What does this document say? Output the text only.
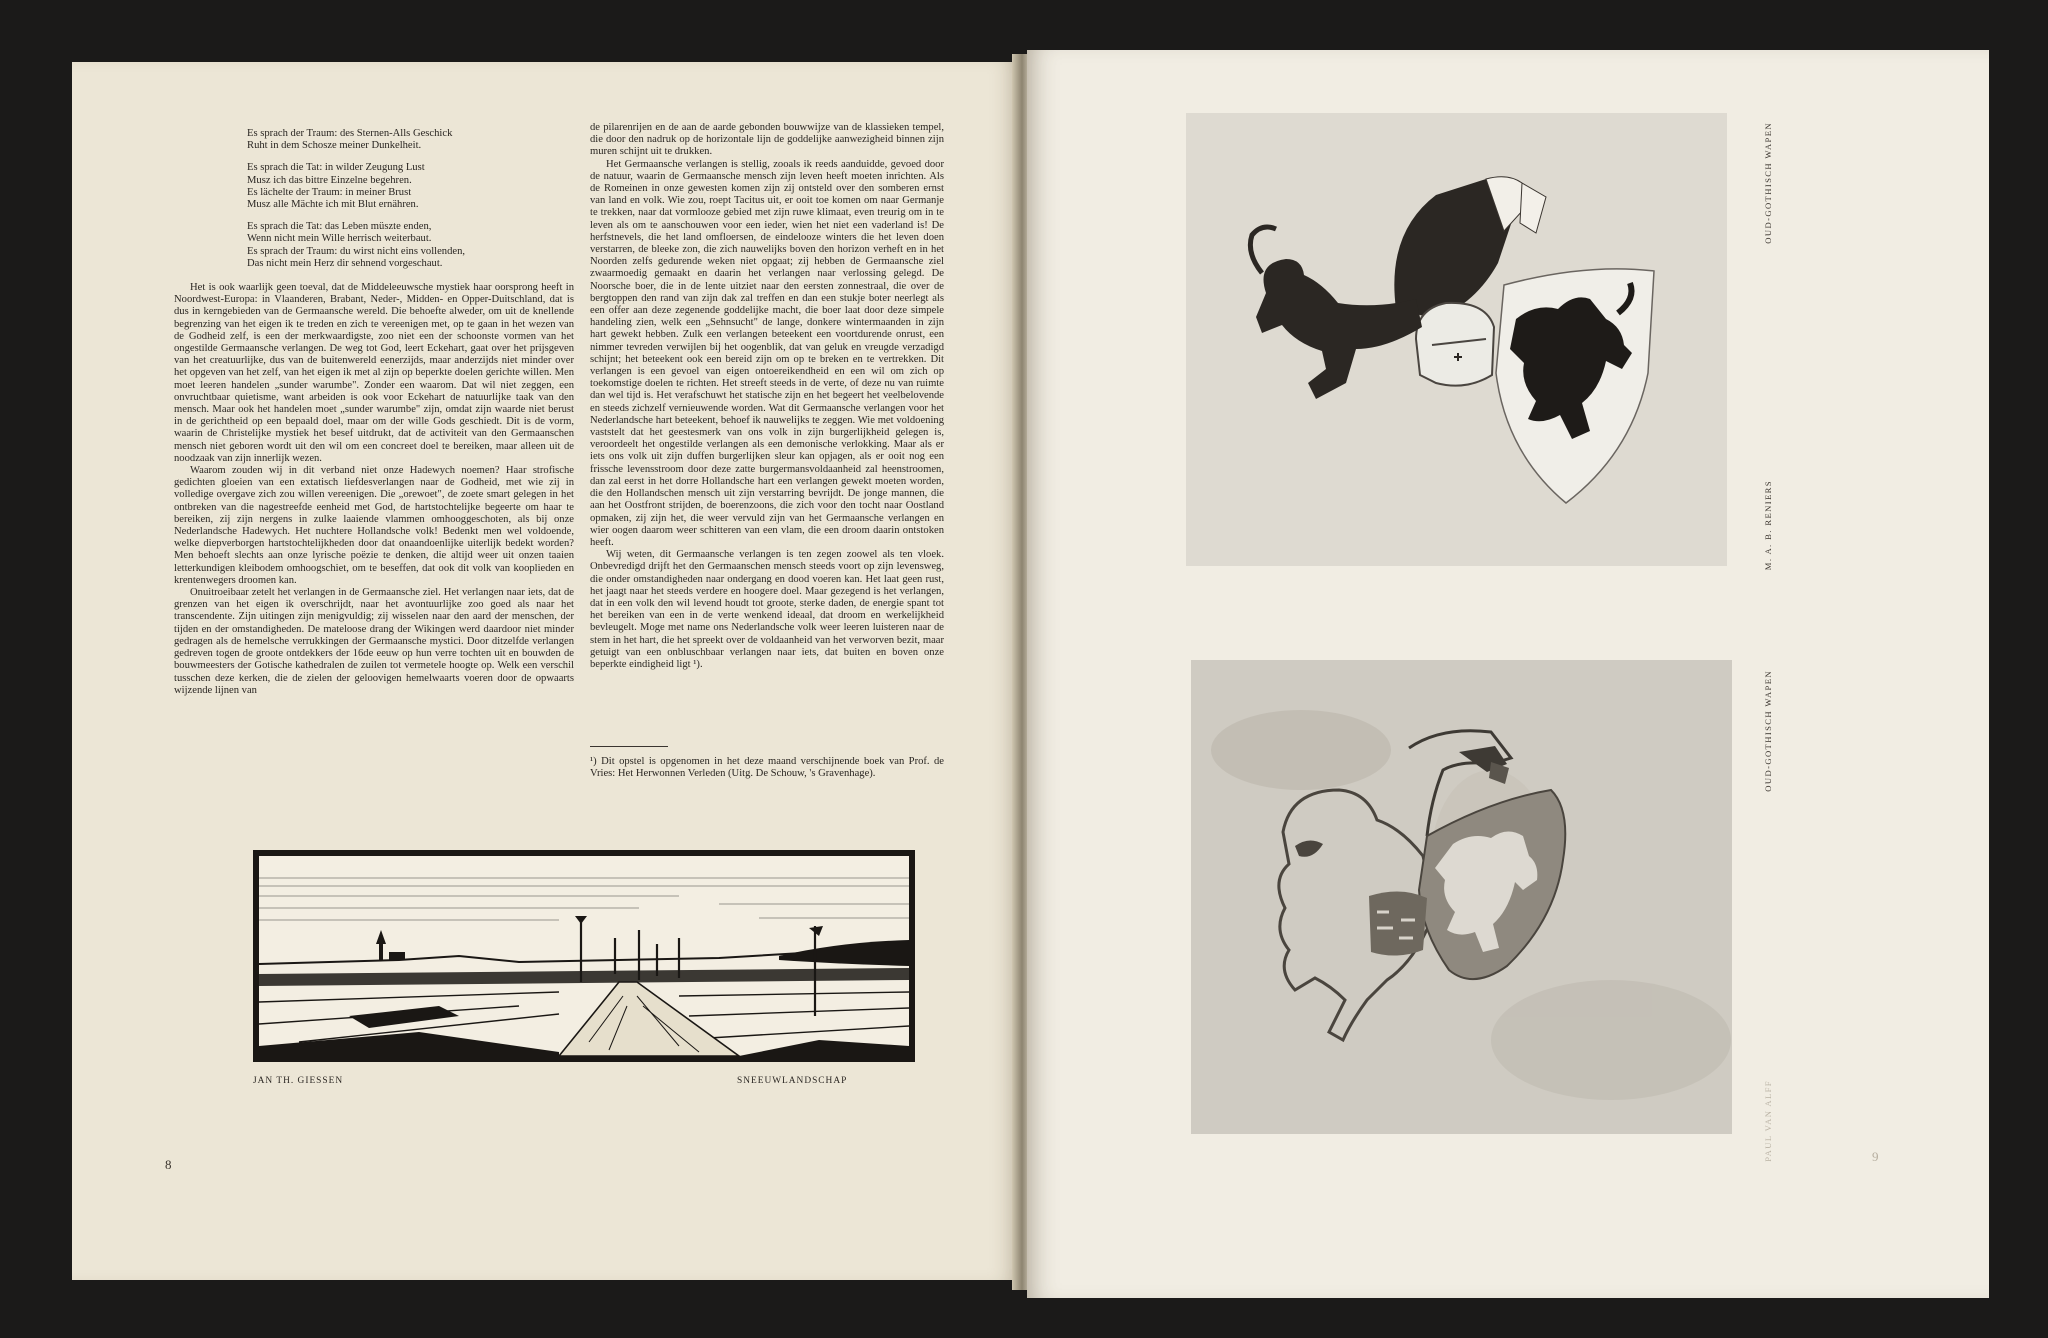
Es sprach der Traum: des Sternen-Alls Geschick
Ruht in dem Schosze meiner Dunkelheit.
Es sprach die Tat: in wilder Zeugung Lust
Musz ich das bittre Einzelne begehren.
Es lächelte der Traum: in meiner Brust
Musz alle Mächte ich mit Blut ernähren.
Es sprach die Tat: das Leben müszte enden,
Wenn nicht mein Wille herrisch weiterbaut.
Es sprach der Traum: du wirst nicht eins vollenden,
Das nicht mein Herz dir sehnend vorgeschaut.

Het is ook waarlijk geen toeval, dat de Middeleeuwsche mystiek haar oorsprong heeft in Noordwest-Europa: in Vlaanderen, Brabant, Neder-, Midden- en Opper-Duitschland, dat is dus in kerngebieden van de Germaansche wereld. Die behoefte alweder, om uit de knellende begrenzing van het eigen ik te treden en zich te vereenigen met, op te gaan in het wezen van de Godheid zelf, is een der merkwaardigste, zoo niet een der schoonste vormen van het ongestilde Germaansche verlangen. De weg tot God, leert Eckehart, gaat over het prijsgeven van het creatuurlijke, dus van de buitenwereld eenerzijds, maar anderzijds niet minder over het opgeven van het zelf, van het eigen ik met al zijn op beperkte doelen gerichte willen. Men moet leeren handelen „sunder warumbe". Zonder een waarom. Dat wil niet zeggen, een onvruchtbaar quietisme, want arbeiden is ook voor Eckehart de natuurlijke taak van den mensch. Maar ook het handelen moet „sunder warumbe" zijn, omdat zijn waarde niet berust in de gerichtheid op een bepaald doel, maar om der wille Gods geschiedt. Dit is de vorm, waarin de Christelijke mystiek het besef uitdrukt, dat de activiteit van den Germaanschen mensch niet geboren wordt uit den wil om een concreet doel te bereiken, maar alleen uit de noodzaak van zijn innerlijk wezen.

Waarom zouden wij in dit verband niet onze Hadewych noemen? Haar strofische gedichten gloeien van een extatisch liefdesverlangen naar de Godheid, met wie zij in volledige overgave zich zou willen vereenigen. Die „orewoet", de zoete smart gelegen in het ontbreken van die nagestreefde eenheid met God, de hartstochtelijke begeerte om haar te bereiken, zij zijn nergens in zulke laaiende vlammen omhooggeschoten, als bij onze Nederlandsche Hadewych. Het nuchtere Hollandsche volk! Bedenkt men wel voldoende, welke diepverborgen hartstochtelijkheden door dat onaandoenlijke uiterlijk bedekt worden? Men behoeft slechts aan onze lyrische poëzie te denken, die altijd weer uit onzen taaien letterkundigen kleibodem omhoogschiet, om te beseffen, dat ook dit volk van kooplieden en krentenwegers droomen kan.

Onuitroeibaar zetelt het verlangen in de Germaansche ziel. Het verlangen naar iets, dat de grenzen van het eigen ik overschrijdt, naar het avontuurlijke zoo goed als naar het transcendente. Zijn uitingen zijn menigvuldig; zij wisselen naar den aard der menschen, der tijden en der omstandigheden. De mateloose drang der Wikingen werd daardoor niet minder gedragen als de hemelsche verrukkingen der Germaansche mystici. Door ditzelfde verlangen gedreven togen de groote ontdekkers der 16de eeuw op hun verre tochten uit en bouwden de bouwmeesters der Gotische kathedralen de zuilen tot vermetele hoogte op. Welk een verschil tusschen deze kerken, die de zielen der geloovigen hemelwaarts voeren door de opwaarts wijzende lijnen van

de pilarenrijen en de aan de aarde gebonden bouwwijze van de klassieken tempel, die door den nadruk op de horizontale lijn de goddelijke aanwezigheid binnen zijn muren schijnt uit te drukken.

Het Germaansche verlangen is stellig, zooals ik reeds aanduidde, gevoed door de natuur, waarin de Germaansche mensch zijn leven heeft moeten inrichten. Als de Romeinen in onze gewesten komen zijn zij ontsteld over den somberen ernst van land en volk. Wie zou, roept Tacitus uit, er ooit toe komen om naar Germanje te trekken, naar dat vormlooze gebied met zijn ruwe klimaat, even treurig om in te leven als om te aanschouwen voor een ieder, wien het niet een vaderland is! De herfstnevels, die het land omfloersen, de eindelooze winters die het leven doen verstarren, de bleeke zon, die zich nauwelijks boven den horizon verheft en in het Noorden zelfs gedurende weken niet opgaat; zij hebben de Germaansche ziel zwaarmoedig gemaakt en daarin het verlangen naar verlossing gelegd. De Noorsche boer, die in de lente uitziet naar den eersten zonnestraal, die over de bergtoppen den rand van zijn dak zal treffen en dan een stukje boter neerlegt als een offer aan deze zegenende goddelijke macht, die boer laat door deze simpele handeling zien, welk een „Sehnsucht" de lange, donkere wintermaanden in zijn hart gewekt hebben. Zulk een verlangen beteekent een voortdurende onrust, een nimmer tevreden verwijlen bij het oogenblik, dat van geluk en vreugde verzadigd schijnt; het beteekent ook een bereid zijn om op te breken en te vertrekken. Dit verlangen is een gevoel van eigen ontoereikendheid en een wil om zich op toekomstige doelen te richten. Het streeft steeds in de verte, of deze nu van ruimte dan wel tijd is. Het verafschuwt het statische zijn en het begeert het veelbelovende en steeds zichzelf vernieuwende worden. Wat dit Germaansche verlangen voor het Nederlandsche hart beteekent, behoef ik nauwelijks te zeggen. Wie met voldoening vaststelt dat het geestesmerk van ons volk in zijn burgerlijkheid gelegen is, veroordeelt het ongestilde verlangen als een demonische verlokking. Maar als er iets ons volk uit zijn duffen burgerlijken sleur kan opjagen, als er ooit nog een frissche levensstroom door deze zatte burgermansvoldaanheid zal heenstroomen, dan zal eerst in het dorre Hollandsche hart een verlangen gewekt moeten worden, die den Hollandschen mensch uit zijn verstarring bevrijdt. De jonge mannen, die aan het Oostfront strijden, de boerenzoons, die zich voor den tocht naar Oostland opmaken, zij zijn het, die weer vervuld zijn van het Germaansche verlangen en wier oogen daarom weer schitteren van een vlam, die een droom daarin ontstoken heeft.

Wij weten, dit Germaansche verlangen is ten zegen zoowel als ten vloek. Onbevredigd drijft het den Germaanschen mensch steeds voort op zijn levensweg, die onder omstandigheden naar ondergang en dood voeren kan. Het laat geen rust, het jaagt naar het steeds verdere en hoogere doel. Maar gezegend is het verlangen, dat in een volk den wil levend houdt tot groote, sterke daden, de energie spant tot het bereiken van een in de verte wenkend ideaal, dat droom en werkelijkheid bevleugelt. Moge met name ons Nederlandsche volk weer leeren luisteren naar de stem in het hart, die het spreekt over de voldaanheid van het verworven bezit, maar getuigt van een onbluschbaar verlangen naar iets, dat buiten en boven onze beperkte eindigheid ligt ¹).

¹) Dit opstel is opgenomen in het deze maand verschijnende boek van Prof. de Vries: Het Herwonnen Verleden (Uitg. De Schouw, 's Gravenhage).
JAN TH. GIESSEN	SNEEUWLANDSCHAP
8
9
OUD-GOTHISCH WAPEN
M. A. B. RENIERS
OUD-GOTHISCH WAPEN
PAUL VAN ALFF
